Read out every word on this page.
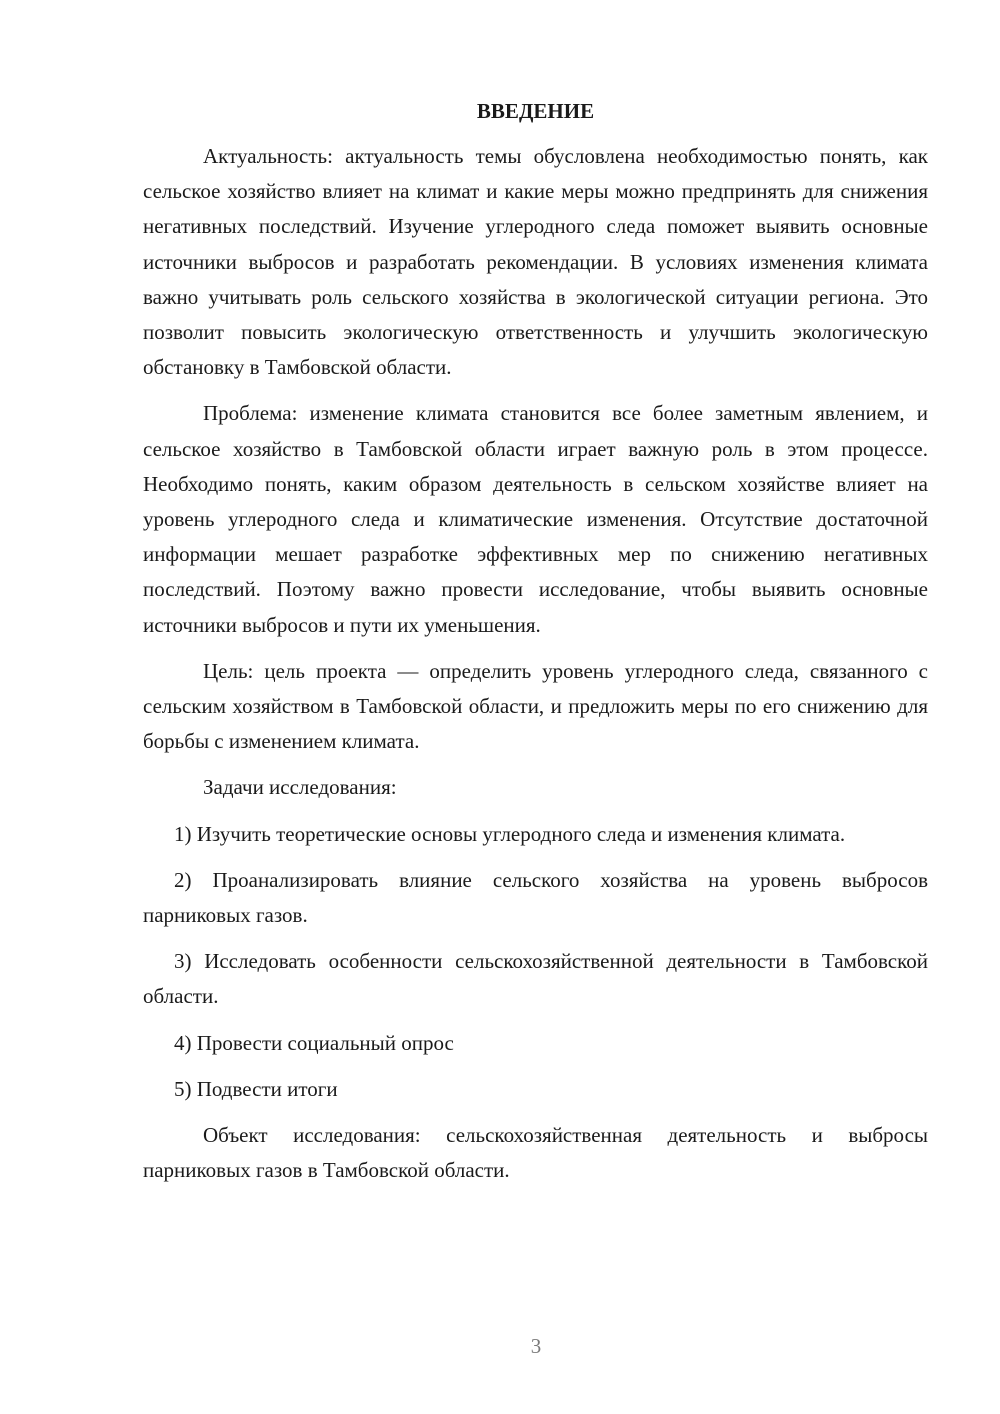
ВВЕДЕНИЕ

Актуальность: актуальность темы обусловлена необходимостью понять, как сельское хозяйство влияет на климат и какие меры можно предпринять для снижения негативных последствий. Изучение углеродного следа поможет выявить основные источники выбросов и разработать рекомендации. В условиях изменения климата важно учитывать роль сельского хозяйства в экологической ситуации региона. Это позволит повысить экологическую ответственность и улучшить экологическую обстановку в Тамбовской области.

Проблема: изменение климата становится все более заметным явлением, и сельское хозяйство в Тамбовской области играет важную роль в этом процессе. Необходимо понять, каким образом деятельность в сельском хозяйстве влияет на уровень углеродного следа и климатические изменения. Отсутствие достаточной информации мешает разработке эффективных мер по снижению негативных последствий. Поэтому важно провести исследование, чтобы выявить основные источники выбросов и пути их уменьшения.

Цель: цель проекта — определить уровень углеродного следа, связанного с сельским хозяйством в Тамбовской области, и предложить меры по его снижению для борьбы с изменением климата.

Задачи исследования:

1) Изучить теоретические основы углеродного следа и изменения климата.

2) Проанализировать влияние сельского хозяйства на уровень выбросов парниковых газов.

3) Исследовать особенности сельскохозяйственной деятельности в Тамбовской области.

4) Провести социальный опрос

5) Подвести итоги

Объект исследования: сельскохозяйственная деятельность и выбросы парниковых газов в Тамбовской области.

3
